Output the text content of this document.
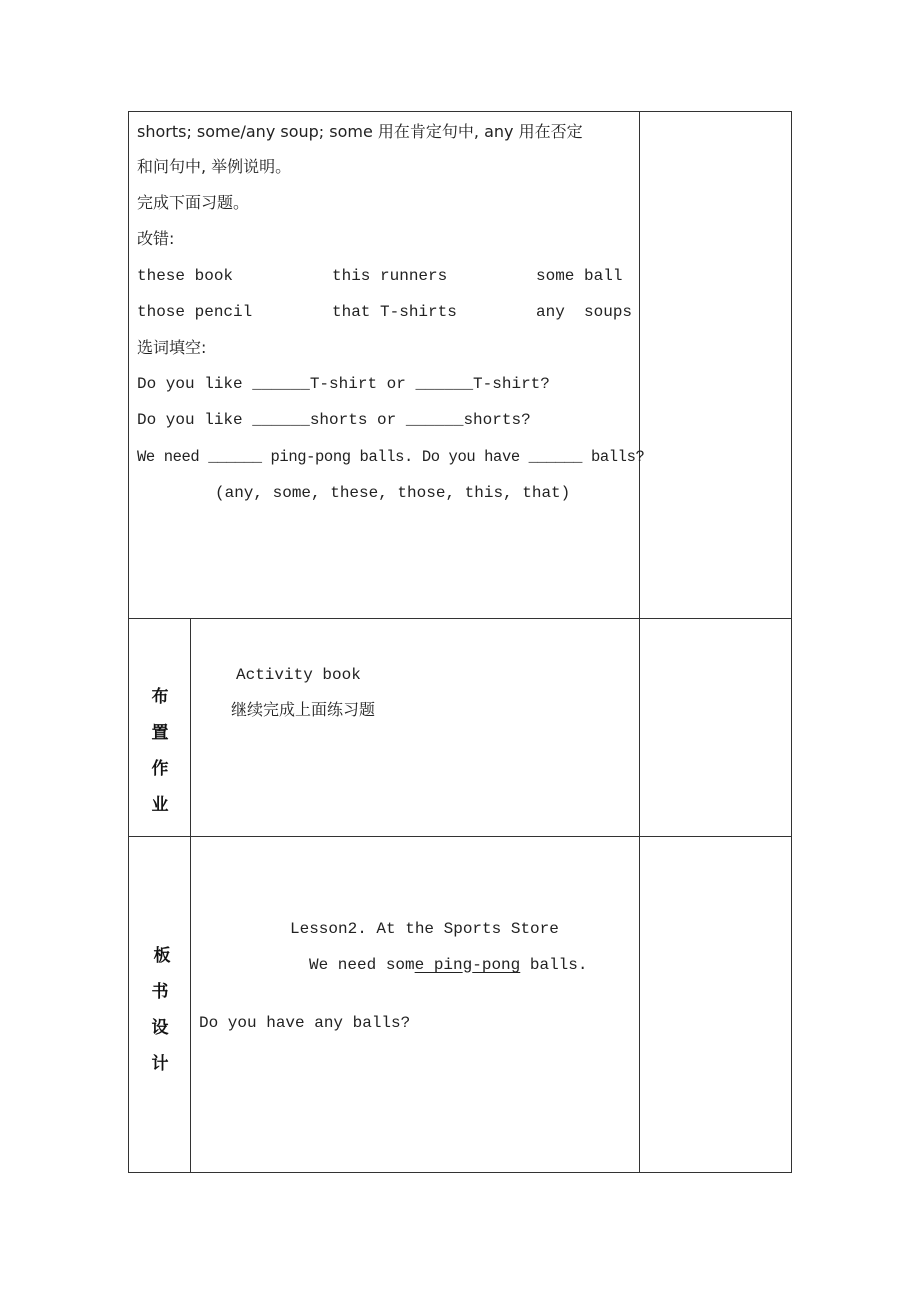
shorts; some/any soup; some 用在肯定句中, any 用在否定
和问句中, 举例说明。
完成下面习题。
改错:
these book	this runners	some ball
those pencil	that T-shirts	any  soups
选词填空:
Do you like ______T-shirt or ______T-shirt?
Do you like ______shorts or ______shorts?
We need ______ ping-pong balls. Do you have ______ balls?
(any, some, these, those, this, that)
布
置
作
业
Activity book
继续完成上面练习题
板
书
设
计
Lesson2. At the Sports Store
We need some ping-pong balls.
Do you have any balls?
